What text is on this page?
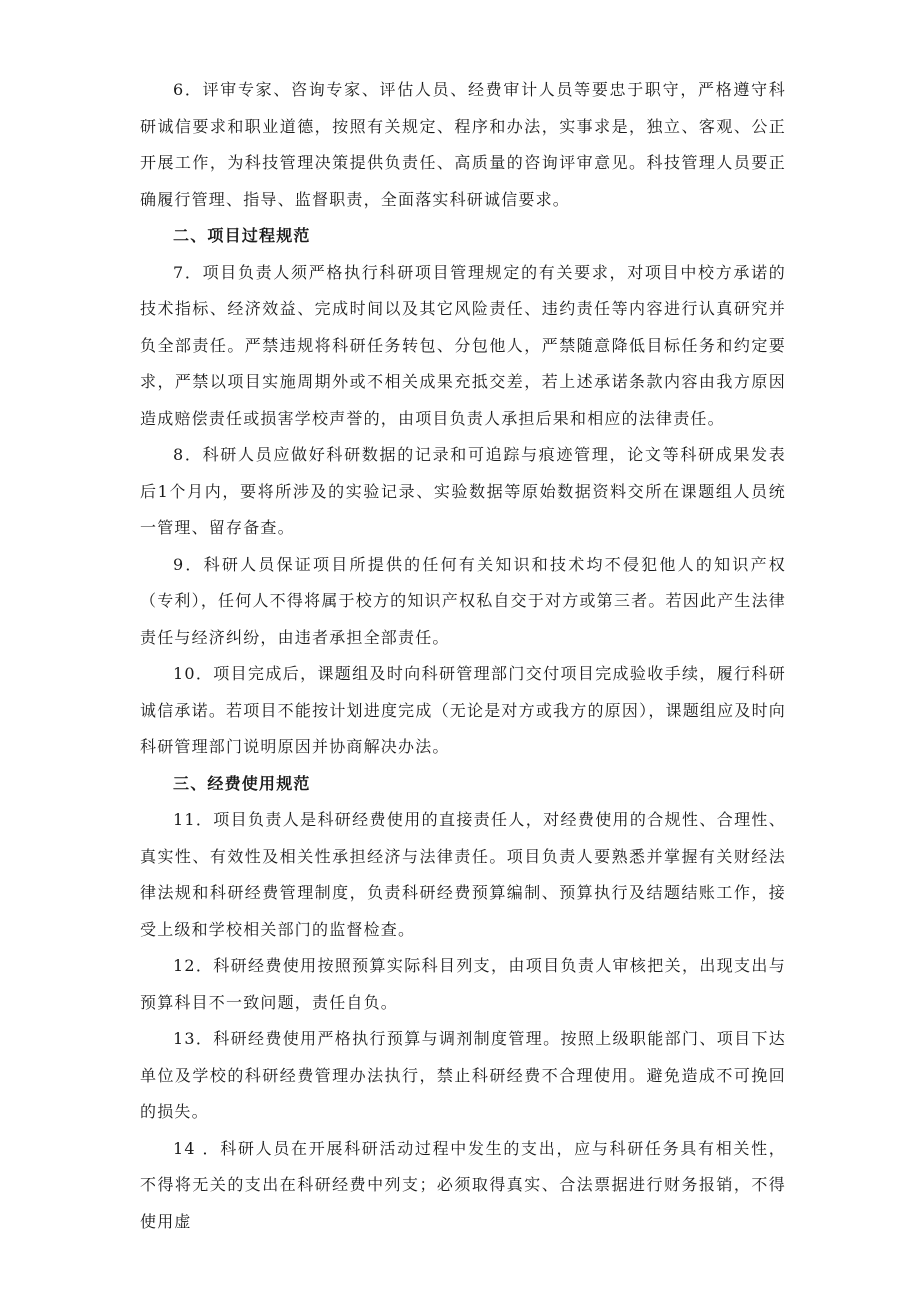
6．评审专家、咨询专家、评估人员、经费审计人员等要忠于职守，严格遵守科研诚信要求和职业道德，按照有关规定、程序和办法，实事求是，独立、客观、公正开展工作，为科技管理决策提供负责任、高质量的咨询评审意见。科技管理人员要正确履行管理、指导、监督职责，全面落实科研诚信要求。

二、项目过程规范

7．项目负责人须严格执行科研项目管理规定的有关要求，对项目中校方承诺的技术指标、经济效益、完成时间以及其它风险责任、违约责任等内容进行认真研究并负全部责任。严禁违规将科研任务转包、分包他人，严禁随意降低目标任务和约定要求，严禁以项目实施周期外或不相关成果充抵交差，若上述承诺条款内容由我方原因造成赔偿责任或损害学校声誉的，由项目负责人承担后果和相应的法律责任。

8．科研人员应做好科研数据的记录和可追踪与痕迹管理，论文等科研成果发表后1个月内，要将所涉及的实验记录、实验数据等原始数据资料交所在课题组人员统一管理、留存备查。

9．科研人员保证项目所提供的任何有关知识和技术均不侵犯他人的知识产权（专利），任何人不得将属于校方的知识产权私自交于对方或第三者。若因此产生法律责任与经济纠纷，由违者承担全部责任。

10．项目完成后，课题组及时向科研管理部门交付项目完成验收手续，履行科研诚信承诺。若项目不能按计划进度完成（无论是对方或我方的原因），课题组应及时向科研管理部门说明原因并协商解决办法。

三、经费使用规范

11．项目负责人是科研经费使用的直接责任人，对经费使用的合规性、合理性、真实性、有效性及相关性承担经济与法律责任。项目负责人要熟悉并掌握有关财经法律法规和科研经费管理制度，负责科研经费预算编制、预算执行及结题结账工作，接受上级和学校相关部门的监督检查。

12．科研经费使用按照预算实际科目列支，由项目负责人审核把关，出现支出与预算科目不一致问题，责任自负。

13．科研经费使用严格执行预算与调剂制度管理。按照上级职能部门、项目下达单位及学校的科研经费管理办法执行，禁止科研经费不合理使用。避免造成不可挽回的损失。

14 ．科研人员在开展科研活动过程中发生的支出，应与科研任务具有相关性，不得将无关的支出在科研经费中列支；必须取得真实、合法票据进行财务报销，不得使用虚
